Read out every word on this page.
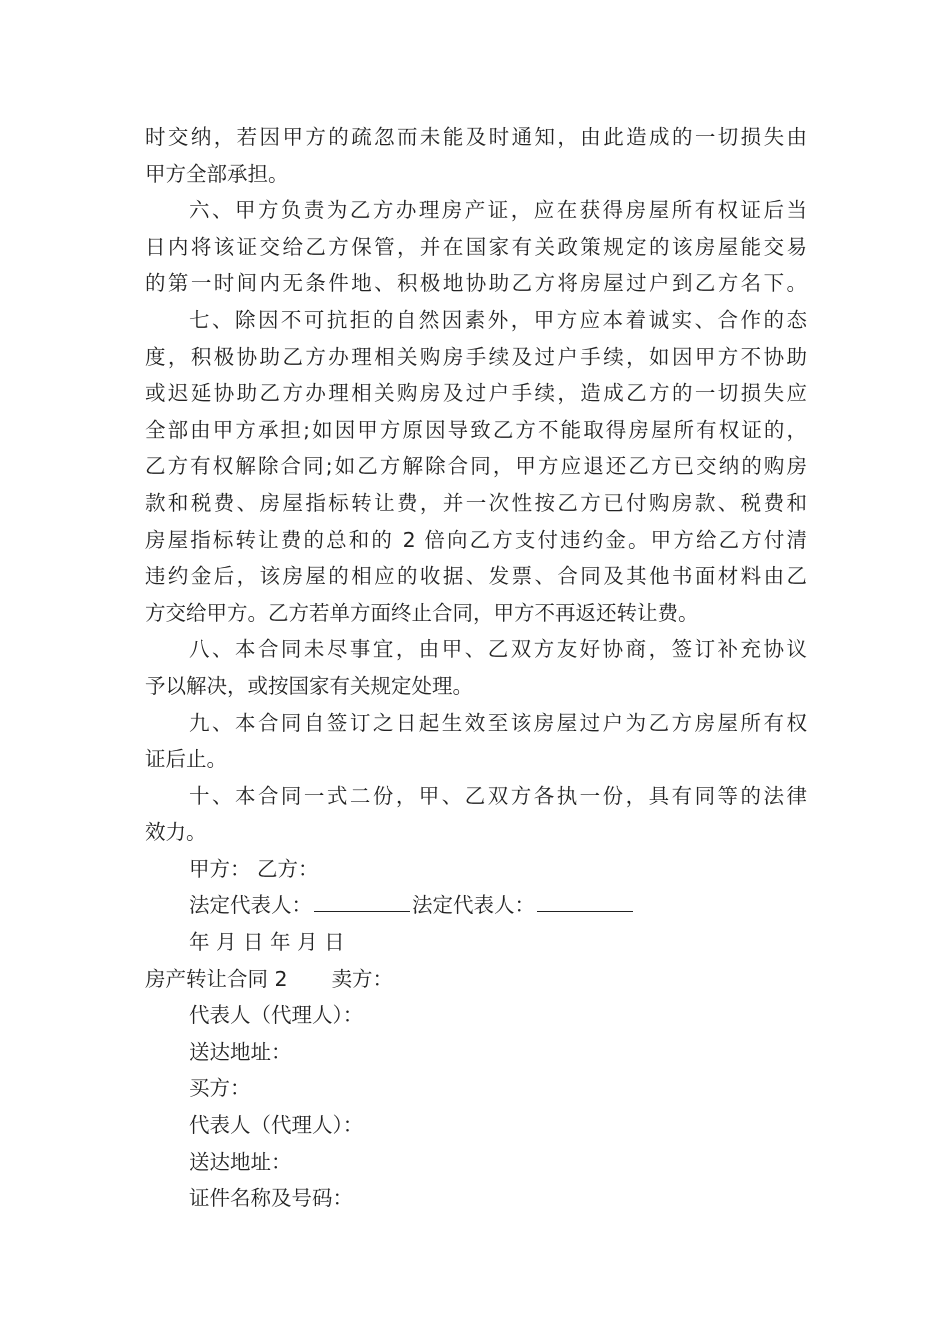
时交纳，若因甲方的疏忽而未能及时通知，由此造成的一切损失由
甲方全部承担。
六、甲方负责为乙方办理房产证，应在获得房屋所有权证后当
日内将该证交给乙方保管，并在国家有关政策规定的该房屋能交易
的第一时间内无条件地、积极地协助乙方将房屋过户到乙方名下。
七、除因不可抗拒的自然因素外，甲方应本着诚实、合作的态
度，积极协助乙方办理相关购房手续及过户手续，如因甲方不协助
或迟延协助乙方办理相关购房及过户手续，造成乙方的一切损失应
全部由甲方承担;如因甲方原因导致乙方不能取得房屋所有权证的，
乙方有权解除合同;如乙方解除合同，甲方应退还乙方已交纳的购房
款和税费、房屋指标转让费，并一次性按乙方已付购房款、税费和
房屋指标转让费的总和的 2 倍向乙方支付违约金。甲方给乙方付清
违约金后，该房屋的相应的收据、发票、合同及其他书面材料由乙
方交给甲方。乙方若单方面终止合同，甲方不再返还转让费。
八、本合同未尽事宜，由甲、乙双方友好协商，签订补充协议
予以解决，或按国家有关规定处理。
九、本合同自签订之日起生效至该房屋过户为乙方房屋所有权
证后止。
十、本合同一式二份，甲、乙双方各执一份，具有同等的法律
效力。
甲方： 乙方：
法定代表人：	法定代表人：
年 月 日 年 月 日
房产转让合同 2 卖方：
代表人（代理人）：
送达地址：
买方：
代表人（代理人）：
送达地址：
证件名称及号码：
